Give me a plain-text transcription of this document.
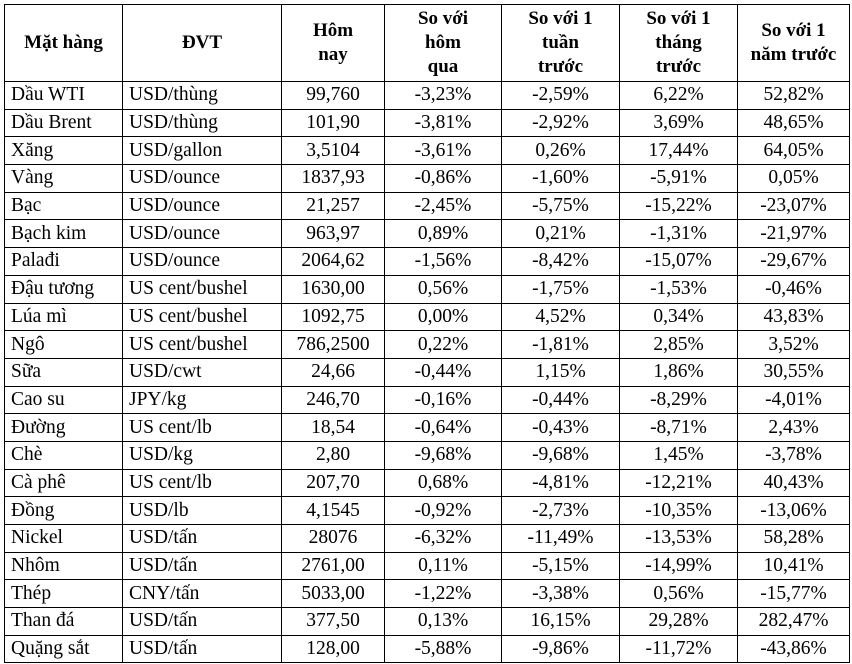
Mặt hàng	ĐVT	Hôm nay	So với hôm qua	So với 1 tuần trước	So với 1 tháng trước	So với 1 năm trước
Dầu WTI	USD/thùng	99,760	-3,23%	-2,59%	6,22%	52,82%
Dầu Brent	USD/thùng	101,90	-3,81%	-2,92%	3,69%	48,65%
Xăng	USD/gallon	3,5104	-3,61%	0,26%	17,44%	64,05%
Vàng	USD/ounce	1837,93	-0,86%	-1,60%	-5,91%	0,05%
Bạc	USD/ounce	21,257	-2,45%	-5,75%	-15,22%	-23,07%
Bạch kim	USD/ounce	963,97	0,89%	0,21%	-1,31%	-21,97%
Palađi	USD/ounce	2064,62	-1,56%	-8,42%	-15,07%	-29,67%
Đậu tương	US cent/bushel	1630,00	0,56%	-1,75%	-1,53%	-0,46%
Lúa mì	US cent/bushel	1092,75	0,00%	4,52%	0,34%	43,83%
Ngô	US cent/bushel	786,2500	0,22%	-1,81%	2,85%	3,52%
Sữa	USD/cwt	24,66	-0,44%	1,15%	1,86%	30,55%
Cao su	JPY/kg	246,70	-0,16%	-0,44%	-8,29%	-4,01%
Đường	US cent/lb	18,54	-0,64%	-0,43%	-8,71%	2,43%
Chè	USD/kg	2,80	-9,68%	-9,68%	1,45%	-3,78%
Cà phê	US cent/lb	207,70	0,68%	-4,81%	-12,21%	40,43%
Đồng	USD/lb	4,1545	-0,92%	-2,73%	-10,35%	-13,06%
Nickel	USD/tấn	28076	-6,32%	-11,49%	-13,53%	58,28%
Nhôm	USD/tấn	2761,00	0,11%	-5,15%	-14,99%	10,41%
Thép	CNY/tấn	5033,00	-1,22%	-3,38%	0,56%	-15,77%
Than đá	USD/tấn	377,50	0,13%	16,15%	29,28%	282,47%
Quặng sắt	USD/tấn	128,00	-5,88%	-9,86%	-11,72%	-43,86%
